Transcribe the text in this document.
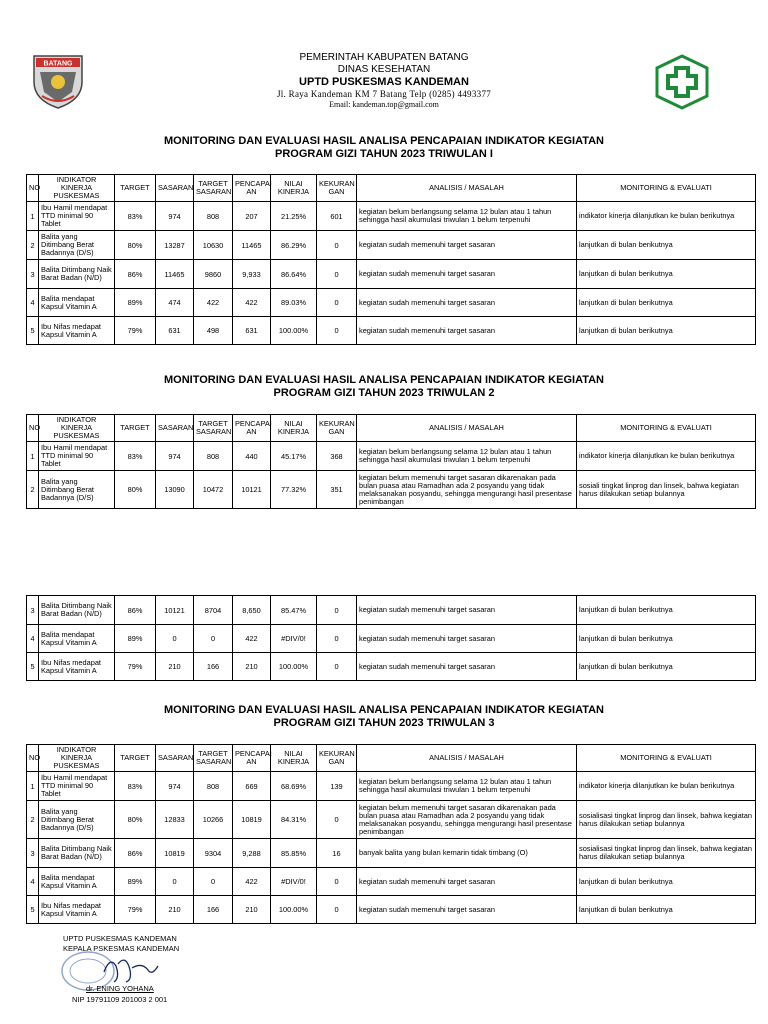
BATANG
PEMERINTAH KABUPATEN BATANG
DINAS KESEHATAN
UPTD PUSKESMAS KANDEMAN
Jl. Raya Kandeman KM 7 Batang Telp (0285) 4493377
Email: kandeman.top@gmail.com
MONITORING DAN EVALUASI HASIL ANALISA PENCAPAIAN INDIKATOR KEGIATAN
PROGRAM GIZI TAHUN 2023 TRIWULAN I
NO	INDIKATOR KINERJA PUSKESMAS	TARGET	SASARAN	TARGET SASARAN	PENCAPAI AN	NILAI KINERJA	KEKURAN GAN	ANALISIS / MASALAH	MONITORING & EVALUATI
1	Ibu Hamil mendapat TTD minimal 90 Tablet	83%	974	808	207	21.25%	601	kegiatan belum berlangsung selama 12 bulan atau 1 tahun sehingga hasil akumulasi triwulan 1 belum terpenuhi	indikator kinerja dilanjutkan ke bulan berikutnya
2	Balita yang Ditimbang Berat Badannya (D/S)	80%	13287	10630	11465	86.29%	0	kegiatan sudah memenuhi target sasaran	lanjutkan di bulan berikutnya
3	Balita Ditimbang Naik Barat Badan (N/D)	86%	11465	9860	9,933	86.64%	0	kegiatan sudah memenuhi target sasaran	lanjutkan di bulan berikutnya
4	Balita mendapat Kapsul Vitamin A	89%	474	422	422	89.03%	0	kegiatan sudah memenuhi target sasaran	lanjutkan di bulan berikutnya
5	Ibu Nifas medapat Kapsul Vitamin A	79%	631	498	631	100.00%	0	kegiatan sudah memenuhi target sasaran	lanjutkan di bulan berikutnya
MONITORING DAN EVALUASI HASIL ANALISA PENCAPAIAN INDIKATOR KEGIATAN
PROGRAM GIZI TAHUN 2023 TRIWULAN 2
NO	INDIKATOR KINERJA PUSKESMAS	TARGET	SASARAN	TARGET SASARAN	PENCAPAI AN	NILAI KINERJA	KEKURAN GAN	ANALISIS / MASALAH	MONITORING & EVALUATI
1	Ibu Hamil mendapat TTD minimal 90 Tablet	83%	974	808	440	45.17%	368	kegiatan belum berlangsung selama 12 bulan atau 1 tahun sehingga hasil akumulasi triwulan 1 belum terpenuhi	indikator kinerja dilanjutkan ke bulan berikutnya
2	Balita yang Ditimbang Berat Badannya (D/S)	80%	13090	10472	10121	77.32%	351	kegiatan belum memenuhi target sasaran dikarenakan pada bulan puasa atau Ramadhan ada 2 posyandu yang tidak melaksanakan posyandu, sehingga mengurangi hasil presentase penimbangan	sosiali tingkat linprog dan linsek, bahwa kegiatan harus dilakukan setiap bulannya
3	Balita Ditimbang Naik Barat Badan (N/D)	86%	10121	8704	8,650	85.47%	0	kegiatan sudah memenuhi target sasaran	lanjutkan di bulan berikutnya
4	Balita mendapat Kapsul Vitamin A	89%	0	0	422	#DIV/0!	0	kegiatan sudah memenuhi target sasaran	lanjutkan di bulan berikutnya
5	Ibu Nifas medapat Kapsul Vitamin A	79%	210	166	210	100.00%	0	kegiatan sudah memenuhi target sasaran	lanjutkan di bulan berikutnya
MONITORING DAN EVALUASI HASIL ANALISA PENCAPAIAN INDIKATOR KEGIATAN
PROGRAM GIZI TAHUN 2023 TRIWULAN 3
NO	INDIKATOR KINERJA PUSKESMAS	TARGET	SASARAN	TARGET SASARAN	PENCAPAI AN	NILAI KINERJA	KEKURAN GAN	ANALISIS / MASALAH	MONITORING & EVALUATI
1	Ibu Hamil mendapat TTD minimal 90 Tablet	83%	974	808	669	68.69%	139	kegiatan belum berlangsung selama 12 bulan atau 1 tahun sehingga hasil akumulasi triwulan 1 belum terpenuhi	indikator kinerja dilanjutkan ke bulan berikutnya
2	Balita yang Ditimbang Berat Badannya (D/S)	80%	12833	10266	10819	84.31%	0	kegiatan belum memenuhi target sasaran dikarenakan pada bulan puasa atau Ramadhan ada 2 posyandu yang tidak melaksanakan posyandu, sehingga mengurangi hasil presentase penimbangan	sosialisasi tingkat linprog dan linsek, bahwa kegiatan harus dilakukan setiap bulannya
3	Balita Ditimbang Naik Barat Badan (N/D)	86%	10819	9304	9,288	85.85%	16	banyak balita yang bulan kemarin tidak timbang (O)	sosialisasi tingkat linprog dan linsek, bahwa kegiatan harus dilakukan setiap bulannya
4	Balita mendapat Kapsul Vitamin A	89%	0	0	422	#DIV/0!	0	kegiatan sudah memenuhi target sasaran	lanjutkan di bulan berikutnya
5	Ibu Nifas medapat Kapsul Vitamin A	79%	210	166	210	100.00%	0	kegiatan sudah memenuhi target sasaran	lanjutkan di bulan berikutnya
UPTD PUSKESMAS KANDEMAN
KEPALA PSKESMAS KANDEMAN
dr. ENING YOHANA
NIP 19791109 201003 2 001
